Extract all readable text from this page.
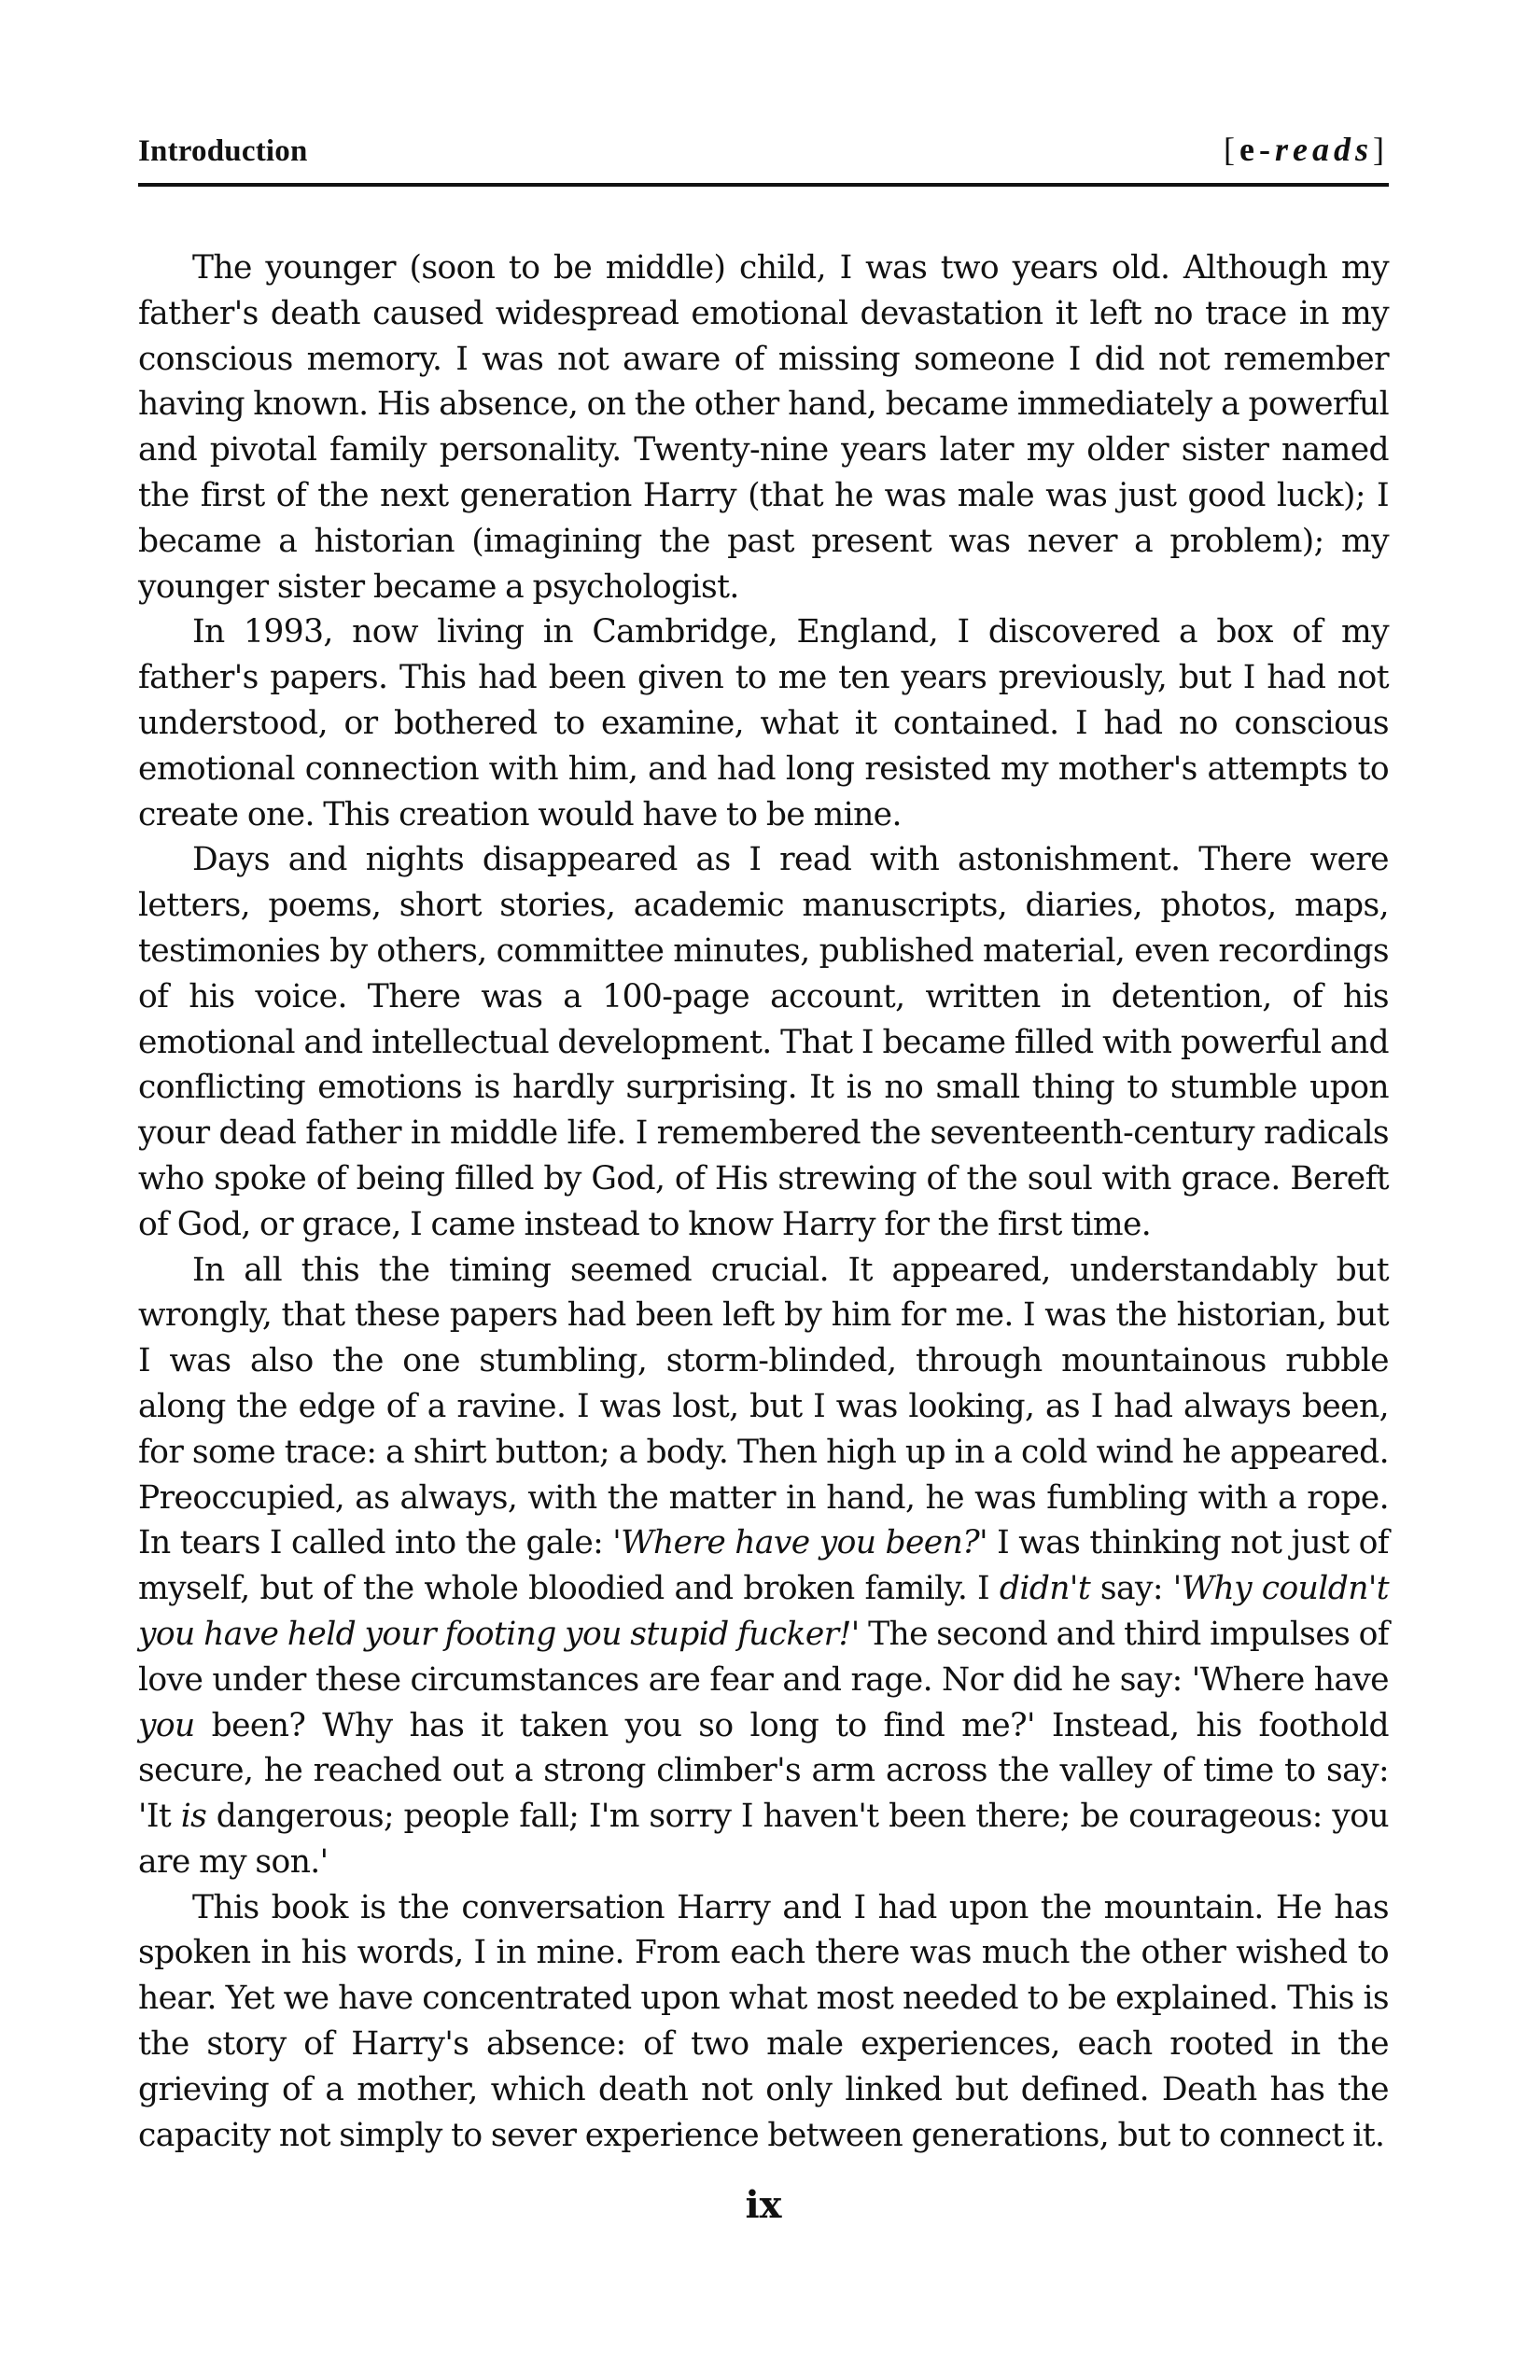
Introduction	[e-reads]

The younger (soon to be middle) child, I was two years old. Although my father's death caused widespread emotional devastation it left no trace in my conscious memory. I was not aware of missing someone I did not remember having known. His absence, on the other hand, became immediately a powerful and pivotal family personality. Twenty-nine years later my older sister named the first of the next generation Harry (that he was male was just good luck); I became a historian (imagining the past present was never a problem); my younger sister became a psychologist.

In 1993, now living in Cambridge, England, I discovered a box of my father's papers. This had been given to me ten years previously, but I had not understood, or bothered to examine, what it contained. I had no conscious emotional connection with him, and had long resisted my mother's attempts to create one. This creation would have to be mine.

Days and nights disappeared as I read with astonishment. There were letters, poems, short stories, academic manuscripts, diaries, photos, maps, testimonies by others, committee minutes, published material, even recordings of his voice. There was a 100-page account, written in detention, of his emotional and intellectual development. That I became filled with powerful and conflicting emotions is hardly surprising. It is no small thing to stumble upon your dead father in middle life. I remembered the seventeenth-century radicals who spoke of being filled by God, of His strewing of the soul with grace. Bereft of God, or grace, I came instead to know Harry for the first time.

In all this the timing seemed crucial. It appeared, understandably but wrongly, that these papers had been left by him for me. I was the historian, but I was also the one stumbling, storm-blinded, through mountainous rubble along the edge of a ravine. I was lost, but I was looking, as I had always been, for some trace: a shirt button; a body. Then high up in a cold wind he appeared. Preoccupied, as always, with the matter in hand, he was fumbling with a rope. In tears I called into the gale: 'Where have you been?' I was thinking not just of myself, but of the whole bloodied and broken family. I didn't say: 'Why couldn't you have held your footing you stupid fucker!' The second and third impulses of love under these circumstances are fear and rage. Nor did he say: 'Where have you been? Why has it taken you so long to find me?' Instead, his foothold secure, he reached out a strong climber's arm across the valley of time to say: 'It is dangerous; people fall; I'm sorry I haven't been there; be courageous: you are my son.'

This book is the conversation Harry and I had upon the mountain. He has spoken in his words, I in mine. From each there was much the other wished to hear. Yet we have concentrated upon what most needed to be explained. This is the story of Harry's absence: of two male experiences, each rooted in the grieving of a mother, which death not only linked but defined. Death has the capacity not simply to sever experience between generations, but to connect it.

ix
